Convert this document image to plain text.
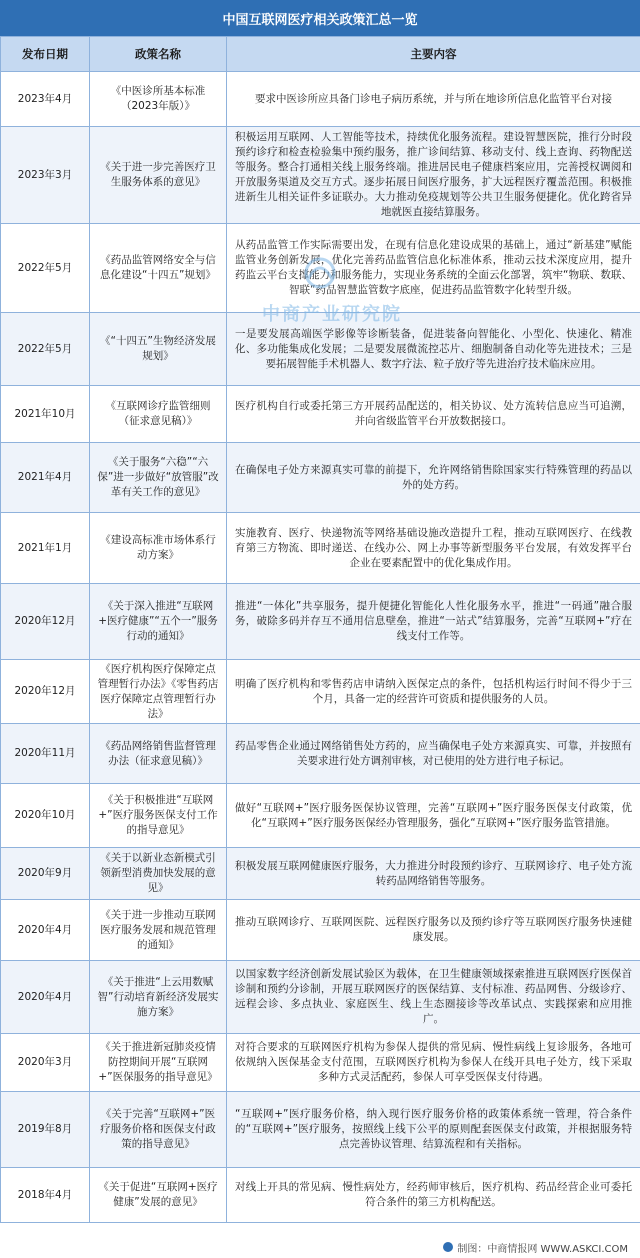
中国互联网医疗相关政策汇总一览
发布日期	政策名称	主要内容
2023年4月	《中医诊所基本标准（2023年版）》	要求中医诊所应具备门诊电子病历系统，并与所在地诊所信息化监管平台对接
2023年3月	《关于进一步完善医疗卫生服务体系的意见》	积极运用互联网、人工智能等技术，持续优化服务流程。建设智慧医院，推行分时段预约诊疗和检查检验集中预约服务，推广诊间结算、移动支付、线上查询、药物配送等服务。整合打通相关线上服务终端。推进居民电子健康档案应用，完善授权调阅和开放服务渠道及交互方式。逐步拓展日间医疗服务，扩大远程医疗覆盖范围。积极推进新生儿相关证件多证联办。大力推动免疫规划等公共卫生服务便捷化。优化跨省异地就医直接结算服务。
2022年5月	《药品监管网络安全与信息化建设“十四五”规划》	从药品监管工作实际需要出发，在现有信息化建设成果的基础上，通过“新基建”赋能监管业务创新发展，优化完善药品监管信息化标准体系，推动云技术深度应用，提升药监云平台支撑能力和服务能力，实现业务系统的全面云化部署，筑牢“物联、数联、智联”药品智慧监管数字底座，促进药品监管数字化转型升级。
2022年5月	《“十四五”生物经济发展规划》	一是要发展高端医学影像等诊断装备，促进装备向智能化、小型化、快速化、精准化、多功能集成化发展；二是要发展微流控芯片、细胞制备自动化等先进技术；三是要拓展智能手术机器人、数字疗法、粒子放疗等先进治疗技术临床应用。
2021年10月	《互联网诊疗监管细则（征求意见稿）》	医疗机构自行或委托第三方开展药品配送的，相关协议、处方流转信息应当可追溯，并向省级监管平台开放数据接口。
2021年4月	《关于服务“六稳”“六保”进一步做好“放管服”改革有关工作的意见》	在确保电子处方来源真实可靠的前提下，允许网络销售除国家实行特殊管理的药品以外的处方药。
2021年1月	《建设高标准市场体系行动方案》	实施教育、医疗、快递物流等网络基础设施改造提升工程，推动互联网医疗、在线教育第三方物流、即时递送、在线办公、网上办事等新型服务平台发展，有效发挥平台企业在要素配置中的优化集成作用。
2020年12月	《关于深入推进“互联网+医疗健康”“五个一”服务行动的通知》	推进“一体化”共享服务，提升便捷化智能化人性化服务水平，推进“一码通”融合服务，破除多码并存互不通用信息壁垒，推进“一站式”结算服务，完善“互联网+”疗在线支付工作等。
2020年12月	《医疗机构医疗保障定点管理暂行办法》《零售药店医疗保障定点管理暂行办法》	明确了医疗机构和零售药店申请纳入医保定点的条件，包括机构运行时间不得少于三个月，具备一定的经营许可资质和提供服务的人员。
2020年11月	《药品网络销售监督管理办法（征求意见稿）》	药品零售企业通过网络销售处方药的，应当确保电子处方来源真实、可靠，并按照有关要求进行处方调剂审核，对已使用的处方进行电子标记。
2020年10月	《关于积极推进“互联网+”医疗服务医保支付工作的指导意见》	做好“互联网+”医疗服务医保协议管理，完善“互联网+”医疗服务医保支付政策，优化“互联网+”医疗服务医保经办管理服务，强化“互联网+”医疗服务监管措施。
2020年9月	《关于以新业态新模式引领新型消费加快发展的意见》	积极发展互联网健康医疗服务，大力推进分时段预约诊疗、互联网诊疗、电子处方流转药品网络销售等服务。
2020年4月	《关于进一步推动互联网医疗服务发展和规范管理的通知》	推动互联网诊疗、互联网医院、远程医疗服务以及预约诊疗等互联网医疗服务快速健康发展。
2020年4月	《关于推进“上云用数赋智”行动培育新经济发展实施方案》	以国家数字经济创新发展试验区为载体，在卫生健康领域探索推进互联网医疗医保首诊制和预约分诊制，开展互联网医疗的医保结算、支付标准、药品网售、分级诊疗、远程会诊、多点执业、家庭医生、线上生态圈接诊等改革试点、实践探索和应用推广。
2020年3月	《关于推进新冠肺炎疫情防控期间开展“互联网+”医保服务的指导意见》	对符合要求的互联网医疗机构为参保人提供的常见病、慢性病线上复诊服务，各地可依规纳入医保基金支付范围，互联网医疗机构为参保人在线开具电子处方，线下采取多种方式灵活配药，参保人可享受医保支付待遇。
2019年8月	《关于完善“互联网+”医疗服务价格和医保支付政策的指导意见》	“互联网+”医疗服务价格，纳入现行医疗服务价格的政策体系统一管理，符合条件的“互联网+”医疗服务，按照线上线下公平的原则配套医保支付政策，并根据服务特点完善协议管理、结算流程和有关指标。
2018年4月	《关于促进“互联网+医疗健康”发展的意见》	对线上开具的常见病、慢性病处方，经药师审核后，医疗机构、药品经营企业可委托符合条件的第三方机构配送。
中商产业研究院
制图：中商情报网 WWW.ASKCI.COM
